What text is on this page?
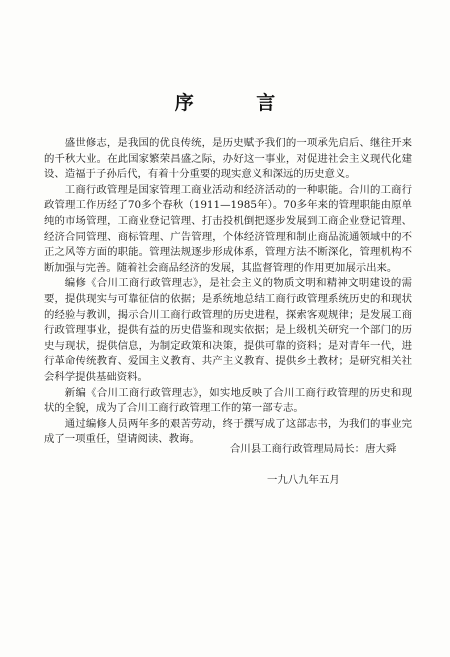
序 言

盛世修志，是我国的优良传统，是历史赋予我们的一项承先启后、继往开来的千秋大业。在此国家繁荣昌盛之际，办好这一事业，对促进社会主义现代化建设、造福于子孙后代，有着十分重要的现实意义和深远的历史意义。

工商行政管理是国家管理工商业活动和经济活动的一种职能。合川的工商行政管理工作历经了70多个春秋（1911—1985年）。70多年来的管理职能由原单纯的市场管理，工商业登记管理、打击投机倒把逐步发展到工商企业登记管理、经济合同管理、商标管理、广告管理，个体经济管理和制止商品流通领域中的不正之风等方面的职能。管理法规逐步形成体系，管理方法不断深化，管理机构不断加强与完善。随着社会商品经济的发展，其监督管理的作用更加展示出来。

编修《合川工商行政管理志》，是社会主义的物质文明和精神文明建设的需要，提供现实与可靠征信的依据；是系统地总结工商行政管理系统历史的和现状的经验与教训，揭示合川工商行政管理的历史进程，探索客观规律；是发展工商行政管理事业，提供有益的历史借鉴和现实依据；是上级机关研究一个部门的历史与现状，提供信息，为制定政策和决策，提供可靠的资料；是对青年一代，进行革命传统教育、爱国主义教育、共产主义教育、提供乡土教材；是研究相关社会科学提供基础资料。

新编《合川工商行政管理志》，如实地反映了合川工商行政管理的历史和现状的全貌，成为了合川工商行政管理工作的第一部专志。

通过编修人员两年多的艰苦劳动，终于撰写成了这部志书，为我们的事业完成了一项重任，望请阅读、教诲。

合川县工商行政管理局局长：唐大舜
一九八九年五月
